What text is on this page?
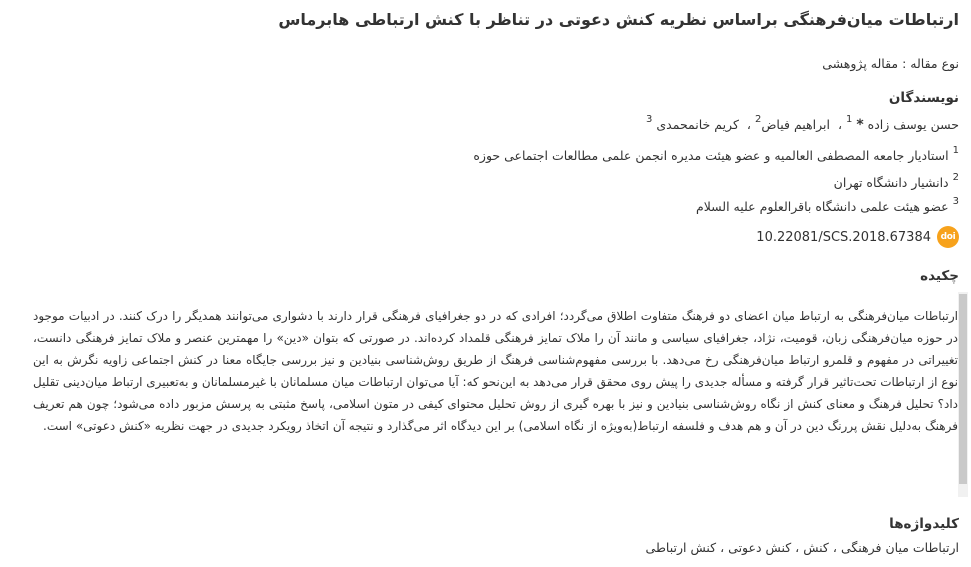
ارتباطات میان‌فرهنگی براساس نظریه کنش دعوتی در تناظر با کنش ارتباطی هابرماس
نوع مقاله : مقاله پژوهشی
نویسندگان
حسن یوسف زاده * $^1$، ابراهیم فیاض$^2$، کریم خانمحمدی $^3$
$^1$ استادیار جامعه المصطفی العالمیه و عضو هیئت مدیره انجمن علمی مطالعات اجتماعی حوزه
$^2$ دانشیار دانشگاه تهران
$^3$ عضو هیئت علمی دانشگاه باقرالعلوم علیه السلام
10.22081/SCS.2018.67384	doi
چکیده
ارتباطات میان‌فرهنگی به ارتباط میان اعضای دو فرهنگ متفاوت اطلاق می‌گردد؛ افرادی که در دو جغرافیای فرهنگی قرار دارند با دشواری می‌توانند همدیگر را درک کنند. در ادبیات موجود در حوزه میان‌فرهنگی زبان، قومیت، نژاد، جغرافیای سیاسی و مانند آن را ملاک تمایز فرهنگی قلمداد کرده‌اند. در صورتی که بتوان «دین» را مهمترین عنصر و ملاک تمایز فرهنگی دانست، تغییراتی در مفهوم و قلمرو ارتباط میان‌فرهنگی رخ می‌دهد. با بررسی مفهوم‌شناسی فرهنگ از طریق روش‌شناسی بنیادین و نیز بررسی جایگاه معنا در کنش اجتماعی زاویه نگرش به این نوع از ارتباطات تحت‌تاثیر قرار گرفته و مسأله جدیدی را پیش روی محقق قرار می‌دهد به این‌نحو که: آیا می‌توان ارتباطات میان مسلمانان با غیرمسلمانان و به‌تعبیری ارتباط میان‌دینی تقلیل داد؟ تحلیل فرهنگ و معنای کنش از نگاه روش‌شناسی بنیادین و نیز با بهره گیری از روش تحلیل محتوای کیفی در متون اسلامی، پاسخ مثبتی به پرسش مزبور داده می‌شود؛ چون هم تعریف فرهنگ به‌دلیل نقش پررنگ دین در آن و هم هدف و فلسفه ارتباط(به‌ویژه از نگاه اسلامی) بر این دیدگاه اثر می‌گذارد و نتیجه آن اتخاذ رویکرد جدیدی در جهت نظریه «کنش دعوتی» است.
کلیدواژه‌ها
ارتباطات میان فرهنگی،کنش،کنش دعوتی،کنش ارتباطی
